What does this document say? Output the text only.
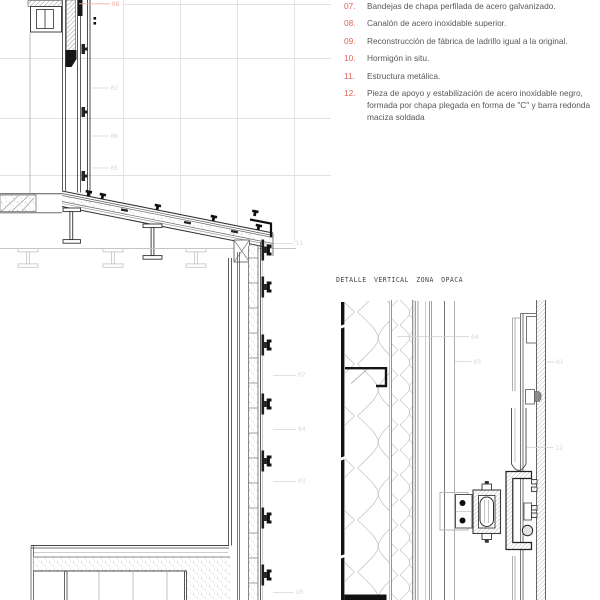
07.	Bandejas de chapa perfilada de acero galvanizado.
08.	Canalón de acero inoxidable superior.
09.	Reconstrucción de fábrica de ladrillo igual a la original.
10.	Hormigón in situ.
11.	Estructura metálica.
12.	Pieza de apoyo y estabilización de acero inoxidable negro, formada por chapa plegada en forma de "C" y barra redonda maciza soldada
DETALLE VERTICAL ZONA OPACA
08
02
06
05
11
07
04
03
10
04
03	01
12
